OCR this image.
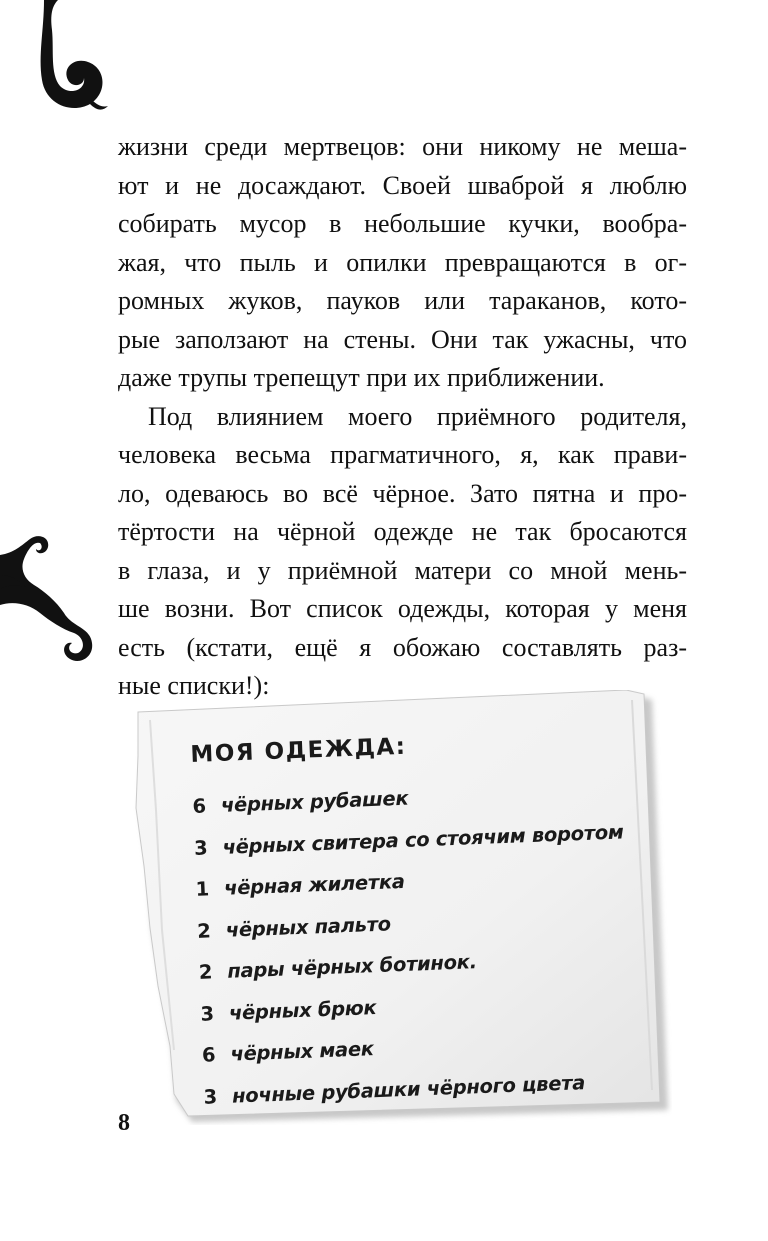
жизни среди мертвецов: они никому не меша-
ют и не досаждают. Своей шваброй я люблю
собирать мусор в небольшие кучки, вообра-
жая, что пыль и опилки превращаются в ог-
ромных жуков, пауков или тараканов, кото-
рые заползают на стены. Они так ужасны, что
даже трупы трепещут при их приближении.
Под влиянием моего приёмного родителя,
человека весьма прагматичного, я, как прави-
ло, одеваюсь во всё чёрное. Зато пятна и про-
тёртости на чёрной одежде не так бросаются
в глаза, и у приёмной матери со мной мень-
ше возни. Вот список одежды, которая у меня
есть (кстати, ещё я обожаю составлять раз-
ные списки!):
МОЯ ОДЕЖДА:
6 чёрных рубашек
3 чёрных свитера со стоячим воротом
1 чёрная жилетка
2 чёрных пальто
2 пары чёрных ботинок.
3 чёрных брюк
6 чёрных маек
3 ночные рубашки чёрного цвета
8
